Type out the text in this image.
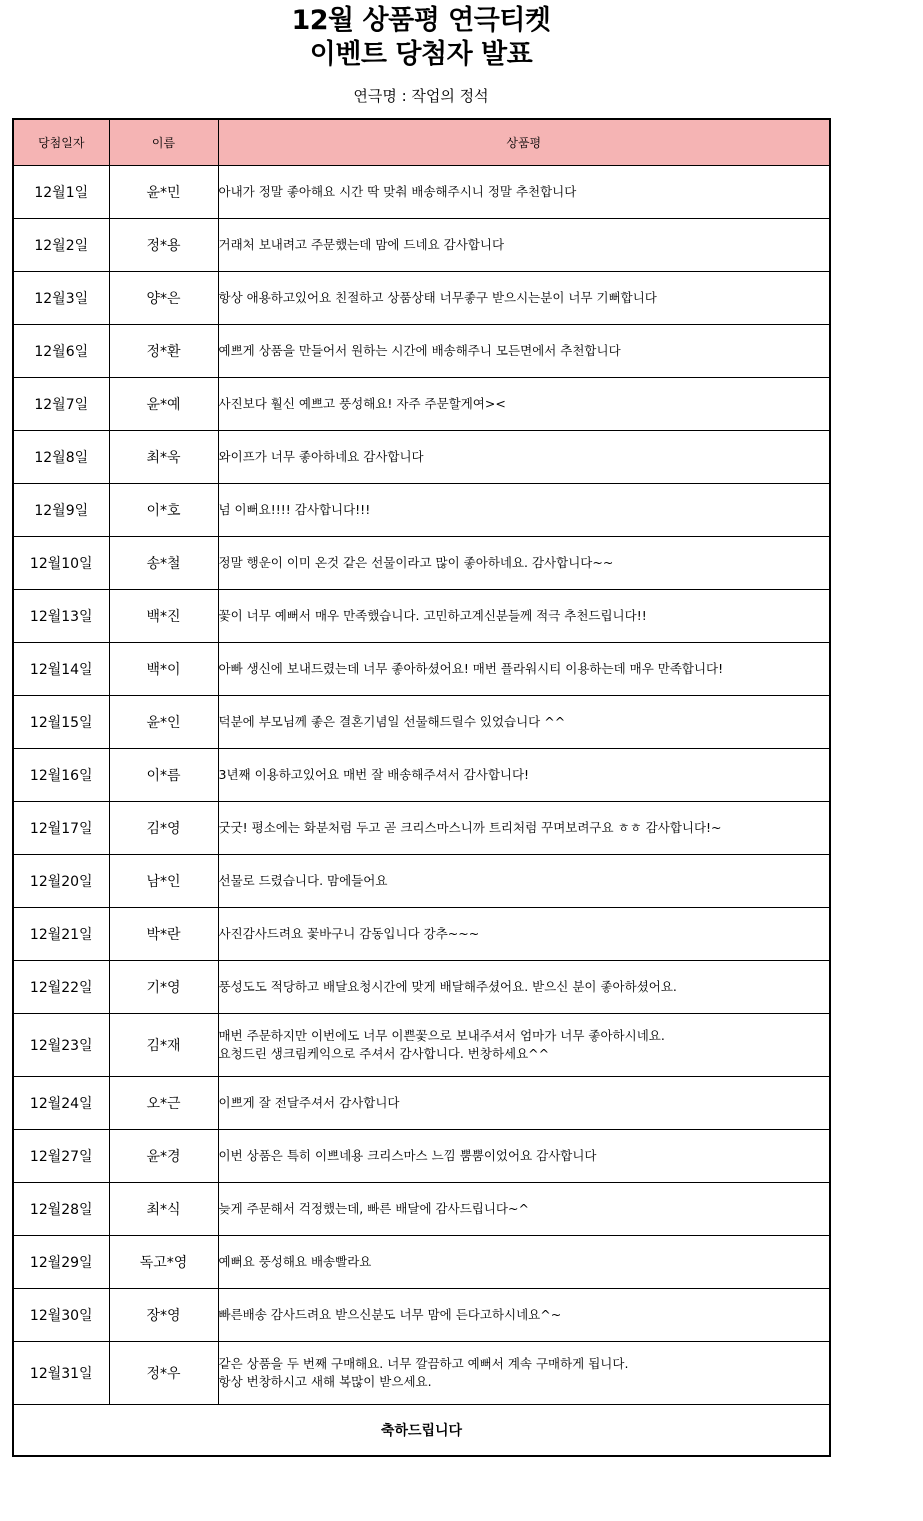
12월 상품평 연극티켓
이벤트 당첨자 발표
연극명 : 작업의 정석
당첨일자	이름	상품평
12월1일	윤*민	아내가 정말 좋아해요 시간 딱 맞춰 배송해주시니 정말 추천합니다
12월2일	정*용	거래처 보내려고 주문했는데 맘에 드네요 감사합니다
12월3일	양*은	항상 애용하고있어요 친절하고 상품상태 너무좋구 받으시는분이 너무 기뻐합니다
12월6일	정*환	예쁘게 상품을 만들어서 원하는 시간에 배송해주니 모든면에서 추천합니다
12월7일	윤*예	사진보다 훨신 예쁘고 풍성해요! 자주 주문할게여><
12월8일	최*욱	와이프가 너무 좋아하네요 감사합니다
12월9일	이*호	넘 이뻐요!!!! 감사합니다!!!
12월10일	송*철	정말 행운이 이미 온것 같은 선물이라고 많이 좋아하네요. 감사합니다~~
12월13일	백*진	꽃이 너무 예뻐서 매우 만족했습니다. 고민하고계신분들께 적극 추천드립니다!!
12월14일	백*이	아빠 생신에 보내드렸는데 너무 좋아하셨어요! 매번 플라워시티 이용하는데 매우 만족합니다!
12월15일	윤*인	덕분에 부모님께 좋은 결혼기념일 선물해드릴수 있었습니다 ^^
12월16일	이*름	3년째 이용하고있어요 매번 잘 배송해주셔서 감사합니다!
12월17일	김*영	굿굿! 평소에는 화분처럼 두고 곧 크리스마스니까 트리처럼 꾸며보려구요 ㅎㅎ 감사합니다!~
12월20일	남*인	선물로 드렸습니다. 맘에들어요
12월21일	박*란	사진감사드려요 꽃바구니 감동입니다 강추~~~
12월22일	기*영	풍성도도 적당하고 배달요청시간에 맞게 배달해주셨어요. 받으신 분이 좋아하셨어요.
12월23일	김*재	매번 주문하지만 이번에도 너무 이쁜꽃으로 보내주셔서 엄마가 너무 좋아하시네요.
요청드린 생크림케익으로 주셔서 감사합니다. 번창하세요^^
12월24일	오*근	이쁘게 잘 전달주셔서 감사합니다
12월27일	윤*경	이번 상품은 특히 이쁘네용 크리스마스 느낌 뿜뿜이었어요 감사합니다
12월28일	최*식	늦게 주문해서 걱정했는데, 빠른 배달에 감사드립니다~^
12월29일	독고*영	예뻐요 풍성해요 배송빨라요
12월30일	장*영	빠른배송 감사드려요 받으신분도 너무 맘에 든다고하시네요^~
12월31일	정*우	같은 상품을 두 번째 구매해요. 너무 깔끔하고 예뻐서 계속 구매하게 됩니다.
항상 번창하시고 새해 복많이 받으세요.
축하드립니다		
